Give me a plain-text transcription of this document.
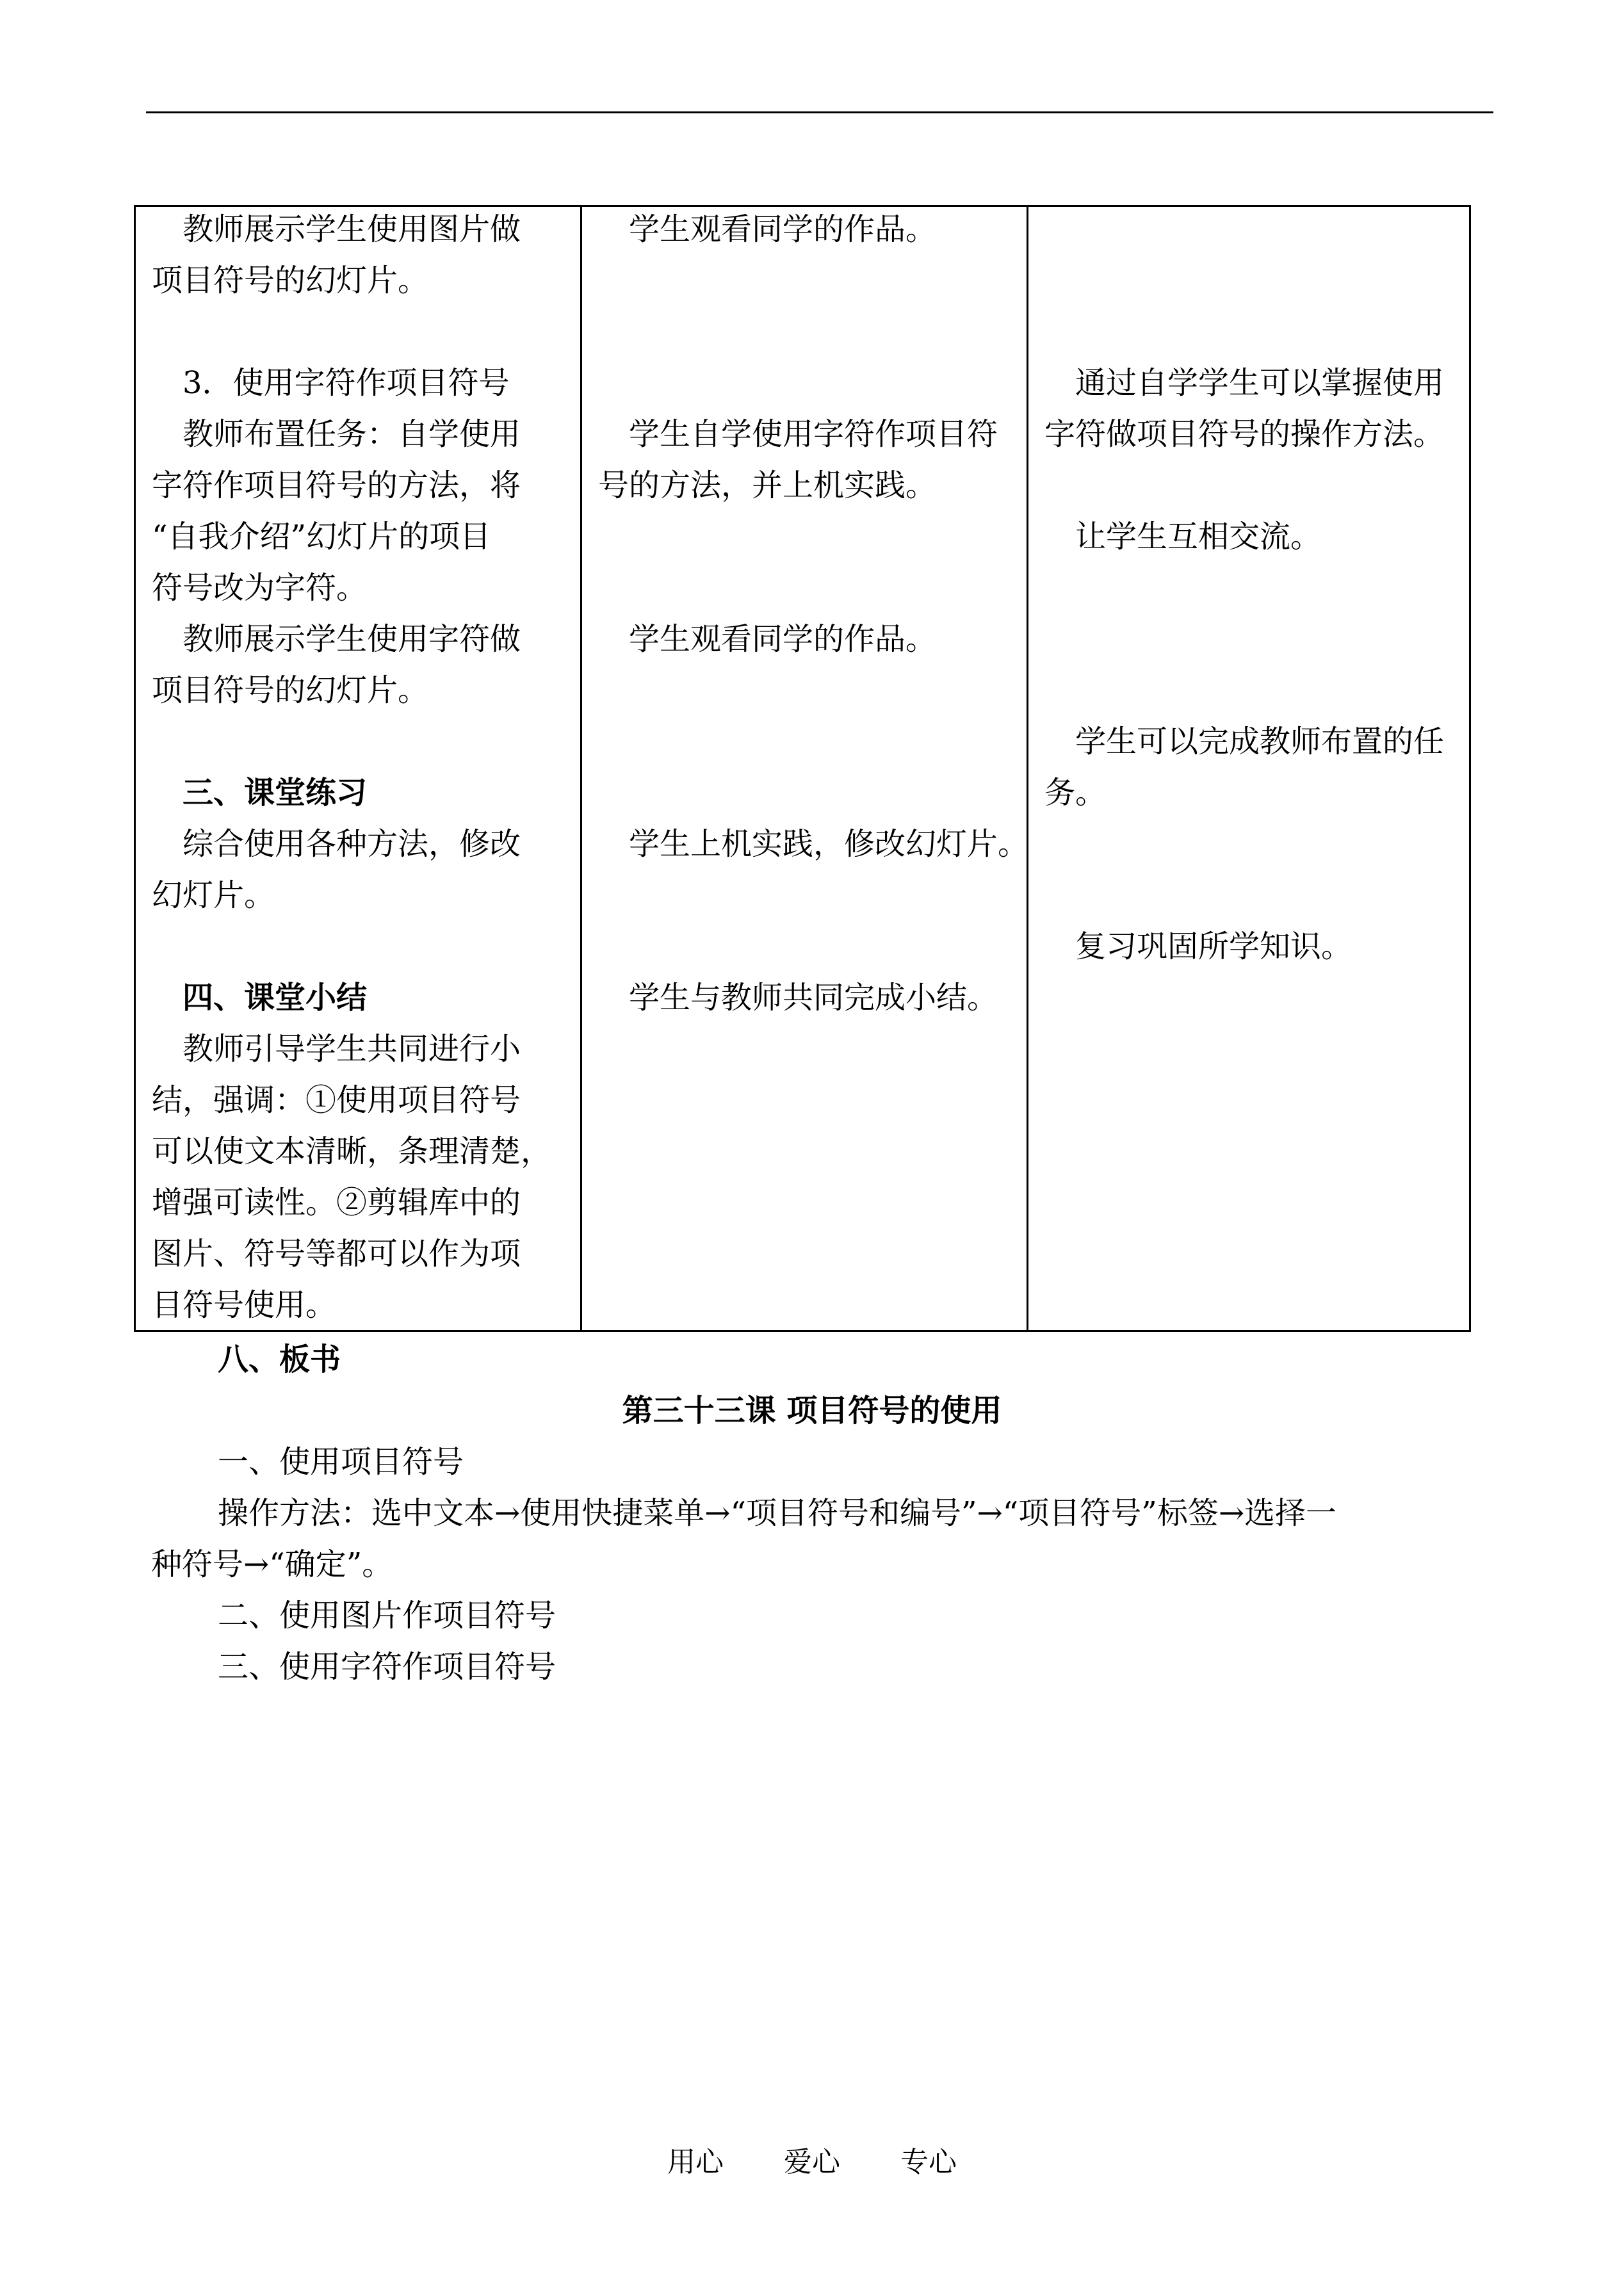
教师展示学生使用图片做
项目符号的幻灯片。
3．使用字符作项目符号
教师布置任务：自学使用
字符作项目符号的方法，将
“自我介绍”幻灯片的项目
符号改为字符。
教师展示学生使用字符做
项目符号的幻灯片。
三、课堂练习
综合使用各种方法，修改
幻灯片。
四、课堂小结
教师引导学生共同进行小
结，强调：①使用项目符号
可以使文本清晰，条理清楚，
增强可读性。②剪辑库中的
图片、符号等都可以作为项
目符号使用。
学生观看同学的作品。
学生自学使用字符作项目符
号的方法，并上机实践。
学生观看同学的作品。
学生上机实践，修改幻灯片。
学生与教师共同完成小结。
通过自学学生可以掌握使用
字符做项目符号的操作方法。
让学生互相交流。
学生可以完成教师布置的任
务。
复习巩固所学知识。
八、板书
第三十三课 项目符号的使用
一、使用项目符号
操作方法：选中文本→使用快捷菜单→“项目符号和编号”→“项目符号”标签→选择一
种符号→“确定”。
二、使用图片作项目符号
三、使用字符作项目符号
用心 爱心 专心
